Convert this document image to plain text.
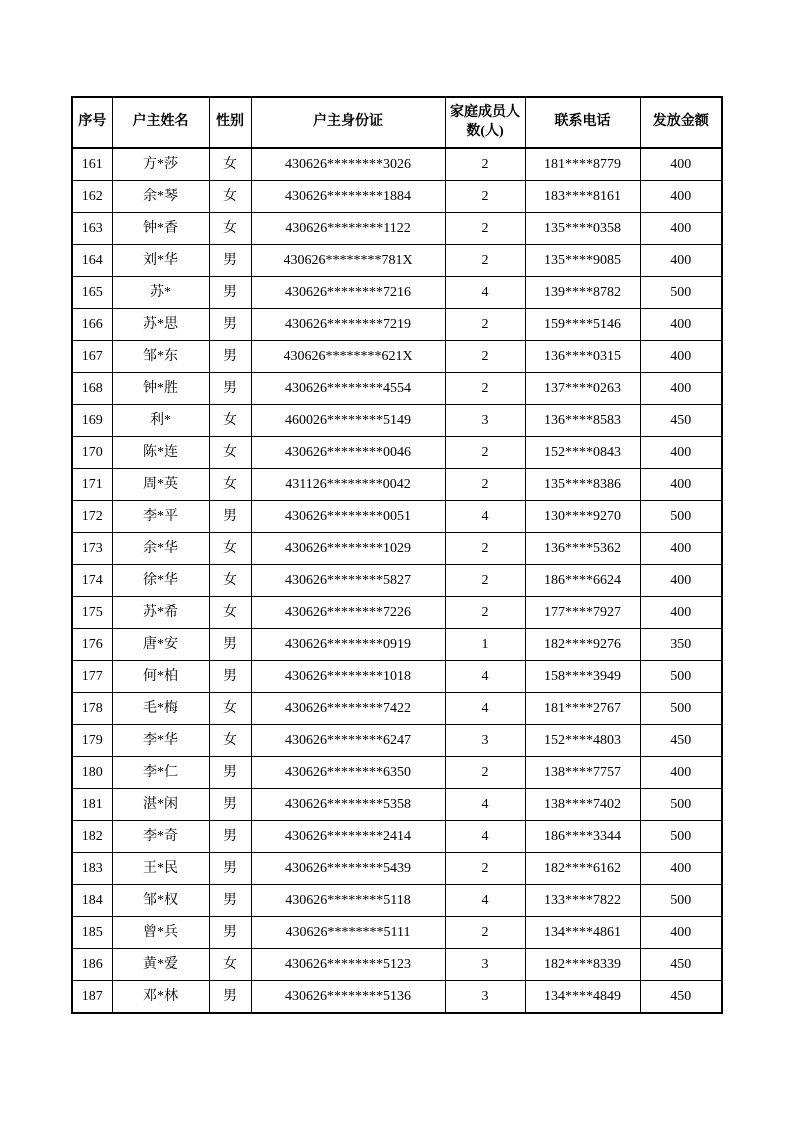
序号	户主姓名	性别	户主身份证	家庭成员人数(人)	联系电话	发放金额
161	方*莎	女	430626********3026	2	181****8779	400
162	余*琴	女	430626********1884	2	183****8161	400
163	钟*香	女	430626********1122	2	135****0358	400
164	刘*华	男	430626********781X	2	135****9085	400
165	苏*	男	430626********7216	4	139****8782	500
166	苏*思	男	430626********7219	2	159****5146	400
167	邹*东	男	430626********621X	2	136****0315	400
168	钟*胜	男	430626********4554	2	137****0263	400
169	利*	女	460026********5149	3	136****8583	450
170	陈*连	女	430626********0046	2	152****0843	400
171	周*英	女	431126********0042	2	135****8386	400
172	李*平	男	430626********0051	4	130****9270	500
173	余*华	女	430626********1029	2	136****5362	400
174	徐*华	女	430626********5827	2	186****6624	400
175	苏*希	女	430626********7226	2	177****7927	400
176	唐*安	男	430626********0919	1	182****9276	350
177	何*柏	男	430626********1018	4	158****3949	500
178	毛*梅	女	430626********7422	4	181****2767	500
179	李*华	女	430626********6247	3	152****4803	450
180	李*仁	男	430626********6350	2	138****7757	400
181	湛*闲	男	430626********5358	4	138****7402	500
182	李*奇	男	430626********2414	4	186****3344	500
183	王*民	男	430626********5439	2	182****6162	400
184	邹*权	男	430626********5118	4	133****7822	500
185	曾*兵	男	430626********5111	2	134****4861	400
186	黄*爱	女	430626********5123	3	182****8339	450
187	邓*林	男	430626********5136	3	134****4849	450
